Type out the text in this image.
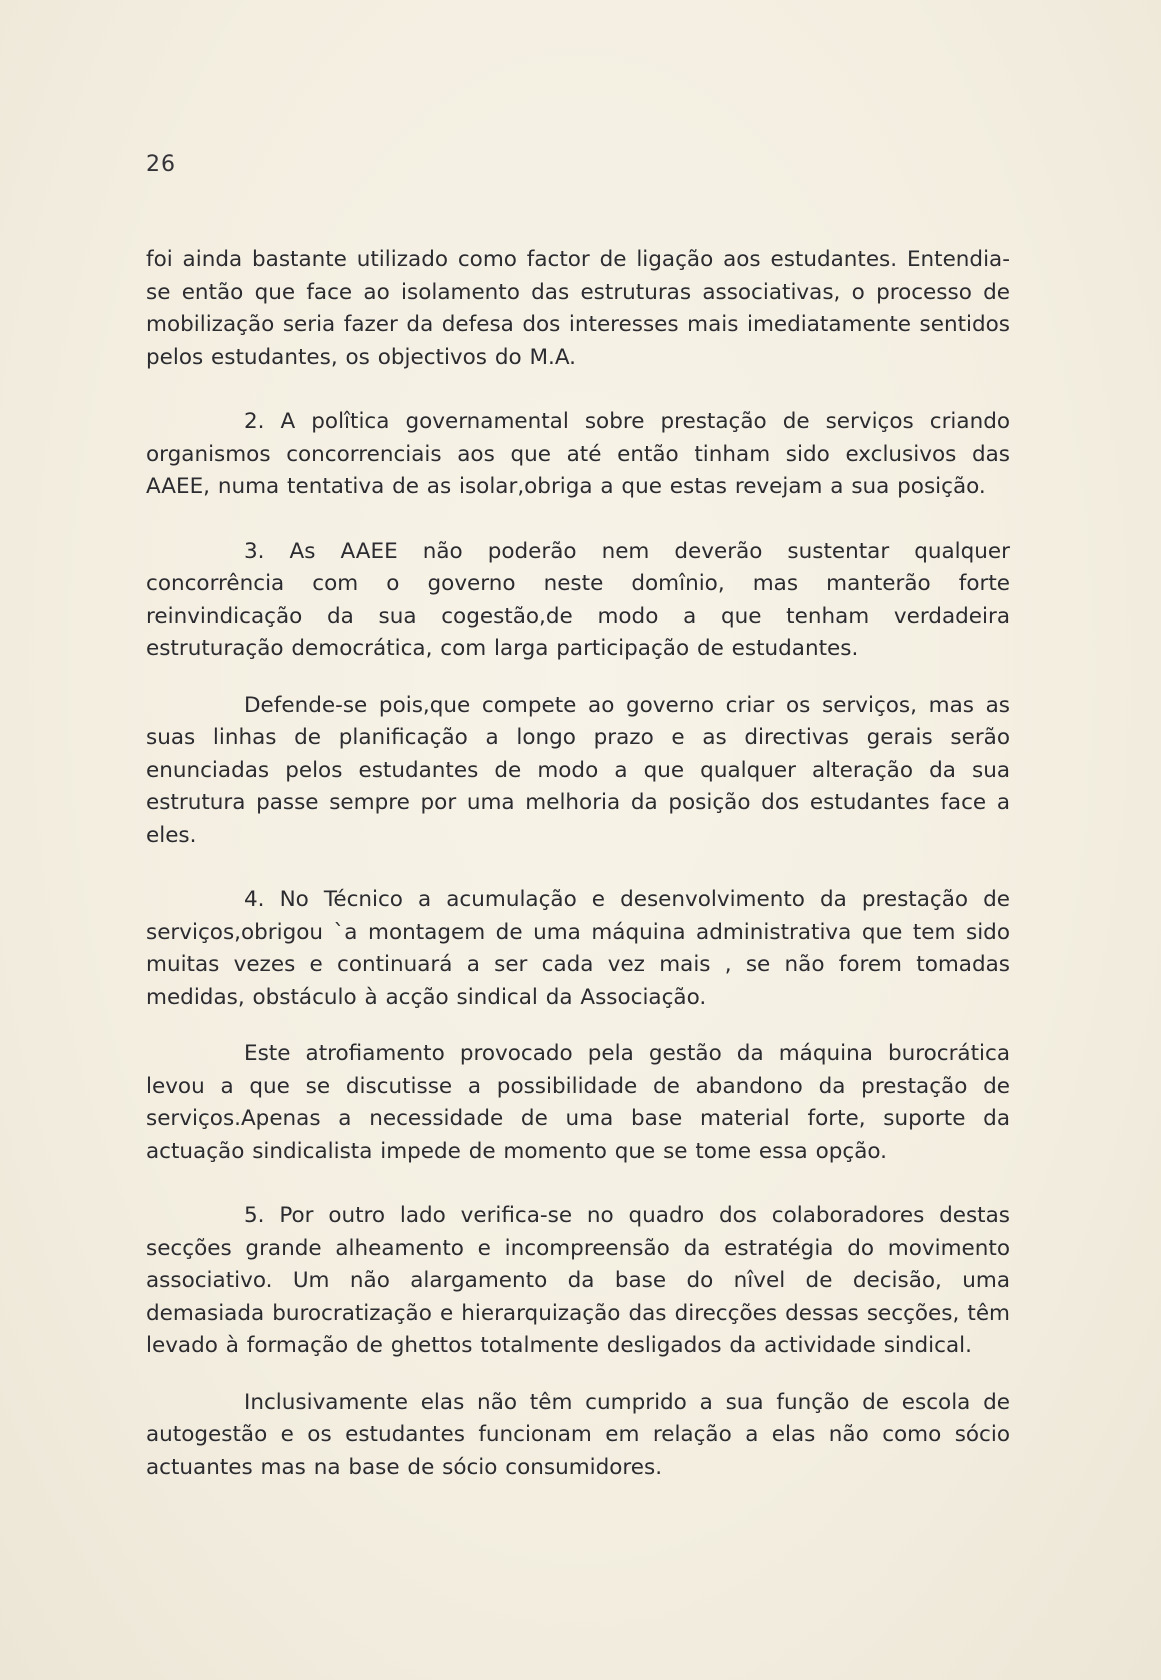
26

foi ainda bastante utilizado como factor de ligação aos estudantes. Entendia-se então que face ao isolamento das estruturas associativas, o processo de mobilização seria fazer da defesa dos interesses mais imediatamente sentidos pelos estudantes, os objectivos do M.A.

2. A polîtica governamental sobre prestação de serviços criando organismos concorrenciais aos que até então tinham sido exclusivos das AAEE, numa tentativa de as isolar,obriga a que estas revejam a sua posição.

3. As AAEE não poderão nem deverão sustentar qualquer concorrência com o governo neste domînio, mas manterão forte reinvindicação da sua cogestão,de modo a que tenham verdadeira estruturação democrática, com larga participação de estudantes.

Defende-se pois,que compete ao governo criar os serviços, mas as suas linhas de planificação a longo prazo e as directivas gerais serão enunciadas pelos estudantes de modo a que qualquer alteração da sua estrutura passe sempre por uma melhoria da posição dos estudantes face a eles.

4. No Técnico a acumulação e desenvolvimento da prestação de serviços,obrigou `a montagem de uma máquina administrativa que tem sido muitas vezes e continuará a ser cada vez mais , se não forem tomadas medidas, obstáculo à acção sindical da Associação.

Este atrofiamento provocado pela gestão da máquina burocrática levou a que se discutisse a possibilidade de abandono da prestação de serviços.Apenas a necessidade de uma base material forte, suporte da actuação sindicalista impede de momento que se tome essa opção.

5. Por outro lado verifica-se no quadro dos colaboradores destas secções grande alheamento e incompreensão da estratégia do movimento associativo. Um não alargamento da base do nîvel de decisão, uma demasiada burocratização e hierarquização das direcções dessas secções, têm levado à formação de ghettos totalmente desligados da actividade sindical.

Inclusivamente elas não têm cumprido a sua função de escola de autogestão e os estudantes funcionam em relação a elas não como sócio actuantes mas na base de sócio consumidores.
